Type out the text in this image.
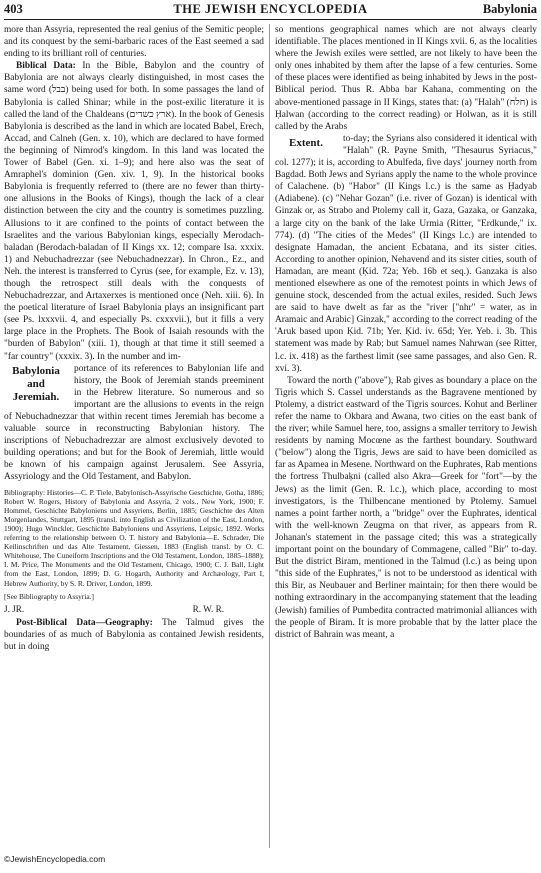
403	THE JEWISH ENCYCLOPEDIA	Babylonia

more than Assyria, represented the real genius of the Semitic people; and its conquest by the semi-barbaric races of the East seemed a sad ending to its brilliant roll of centuries.

Biblical Data: In the Bible, Babylon and the country of Babylonia are not always clearly distinguished, in most cases the same word (בבל) being used for both. In some passages the land of Babylonia is called Shinar; while in the post-exilic literature it is called the land of the Chaldeans (ארץ כשדים). In the book of Genesis Babylonia is described as the land in which are located Babel, Erech, Accad, and Calneh (Gen. x. 10), which are declared to have formed the beginning of Nimrod's kingdom. In this land was located the Tower of Babel (Gen. xi. 1–9); and here also was the seat of Amraphel's dominion (Gen. xiv. 1, 9). In the historical books Babylonia is frequently referred to (there are no fewer than thirty-one allusions in the Books of Kings), though the lack of a clear distinction between the city and the country is sometimes puzzling. Allusions to it are confined to the points of contact between the Israelites and the various Babylonian kings, especially Merodach-baladan (Berodach-baladan of II Kings xx. 12; compare Isa. xxxix. 1) and Nebuchadrezzar (see Nebuchadnezzar). In Chron., Ez., and Neh. the interest is transferred to Cyrus (see, for example, Ez. v. 13), though the retrospect still deals with the conquests of Nebuchadrezzar, and Artaxerxes is mentioned once (Neh. xiii. 6). In the poetical literature of Israel Babylonia plays an insignificant part (see Ps. lxxxvii. 4, and especially Ps. cxxxvii.), but it fills a very large place in the Prophets. The Book of Isaiah resounds with the "burden of Babylon" (xiii. 1), though at that time it still seemed a "far country" (xxxix. 3). In the number and im-

Babylonia and Jeremiah.

portance of its references to Babylonian life and history, the Book of Jeremiah stands preeminent in the Hebrew literature. So numerous and so important are the allusions to events in the reign of Nebuchadnezzar that within recent times Jeremiah has become a valuable source in reconstructing Babylonian history. The inscriptions of Nebuchadrezzar are almost exclusively devoted to building operations; and but for the Book of Jeremiah, little would be known of his campaign against Jerusalem. See Assyria, Assyriology and the Old Testament, and Babylon.

Bibliography: Histories—C. P. Tiele, Babylonisch-Assyrische Geschichte, Gotha, 1886; Robert W. Rogers, History of Babylonia and Assyria, 2 vols., New York, 1900; F. Hommel, Geschichte Babyloniens und Assyriens, Berlin, 1885; Geschichte des Alten Morgenlandes, Stuttgart, 1895 (transl. into English as Civilization of the East, London, 1900); Hugo Winckler, Geschichte Babyloniens und Assyriens, Leipsic, 1892. Works referring to the relationship between O. T. history and Babylonia—E. Schrader, Die Keilinschriften und das Alte Testament, Giessen, 1883 (English transl. by O. C. Whitehouse, The Cuneiform Inscriptions and the Old Testament, London, 1885–1888); I. M. Price, The Monuments and the Old Testament, Chicago, 1900; C. J. Ball, Light from the East, London, 1899; D. G. Hogarth, Authority and Archæology, Part I, Hebrew Authority, by S. R. Driver, London, 1899.

[See Bibliography to Assyria.]

J. JR.	R. W. R.

Post-Biblical Data—Geography: The Talmud gives the boundaries of as much of Babylonia as contained Jewish residents, but in doing

so mentions geographical names which are not always clearly identifiable. The places mentioned in II Kings xvii. 6, as the localities where the Jewish exiles were settled, are not likely to have been the only ones inhabited by them after the lapse of a few centuries. Some of these places were identified as being inhabited by Jews in the post-Biblical period. Thus R. Abba bar Kahana, commenting on the above-mentioned passage in II Kings, states that: (a) "Halah" (חלח) is Ḥalwan (according to the correct reading) or Holwan, as it is still called by the Arabs

Extent.	to-day; the Syrians also considered it identical with "Halah" (R. Payne Smith, "Thesaurus Syriacus," col. 1277); it is, according to Abulfeda, five days' journey north from Bagdad. Both Jews and Syrians apply the name to the whole province of Calachene. (b) "Habor" (II Kings l.c.) is the same as Ḥadyab (Adiabene). (c) "Nehar Gozan" (i.e. river of Gozan) is identical with Ginzak or, as Strabo and Ptolemy call it, Gaza, Gazaka, or Ganzaka, a large city on the bank of the lake Urmia (Ritter, "Erdkunde," ix. 774). (d) "The cities of the Medes" (II Kings l.c.) are intended to designate Hamadan, the ancient Ecbatana, and its sister cities. According to another opinion, Nehavend and its sister cities, south of Hamadan, are meant (Ḳid. 72a; Yeb. 16b et seq.). Ganzaka is also mentioned elsewhere as one of the remotest points in which Jews of genuine stock, descended from the actual exiles, resided. Such Jews are said to have dwelt as far as the "river ["nhr" = water, as in Aramaic and Arabic] Ginzak," according to the correct reading of the 'Aruk based upon Ḳid. 71b; Yer. Ḳid. iv. 65d; Yer. Yeb. i. 3b. This statement was made by Rab; but Samuel names Nahrwan (see Ritter, l.c. ix. 418) as the farthest limit (see same passages, and also Gen. R. xvi. 3).

Toward the north ("above"), Rab gives as boundary a place on the Tigris which S. Cassel understands as the Bagravene mentioned by Ptolemy, a district eastward of the Tigris sources. Kohut and Berliner refer the name to Okbara and Awana, two cities on the east bank of the river; while Samuel here, too, assigns a smaller territory to Jewish residents by naming Mocœne as the farthest boundary. Southward ("below") along the Tigris, Jews are said to have been domiciled as far as Apamea in Mesene. Northward on the Euphrates, Rab mentions the fortress Thulbaḳni (called also Akra—Greek for "fort"—by the Jews) as the limit (Gen. R. l.c.), which place, according to most investigators, is the Thilbencane mentioned by Ptolemy. Samuel names a point farther north, a "bridge" over the Euphrates, identical with the well-known Zeugma on that river, as appears from R. Johanan's statement in the passage cited; this was a strategically important point on the boundary of Commagene, called "Bir" to-day. But the district Biram, mentioned in the Talmud (l.c.) as being upon "this side of the Euphrates," is not to be understood as identical with this Bir, as Neubauer and Berliner maintain; for then there would be nothing extraordinary in the accompanying statement that the leading (Jewish) families of Pumbedita contracted matrimonial alliances with the people of Biram. It is more probable that by the latter place the district of Bahrain was meant, a

©JewishEncyclopedia.com
